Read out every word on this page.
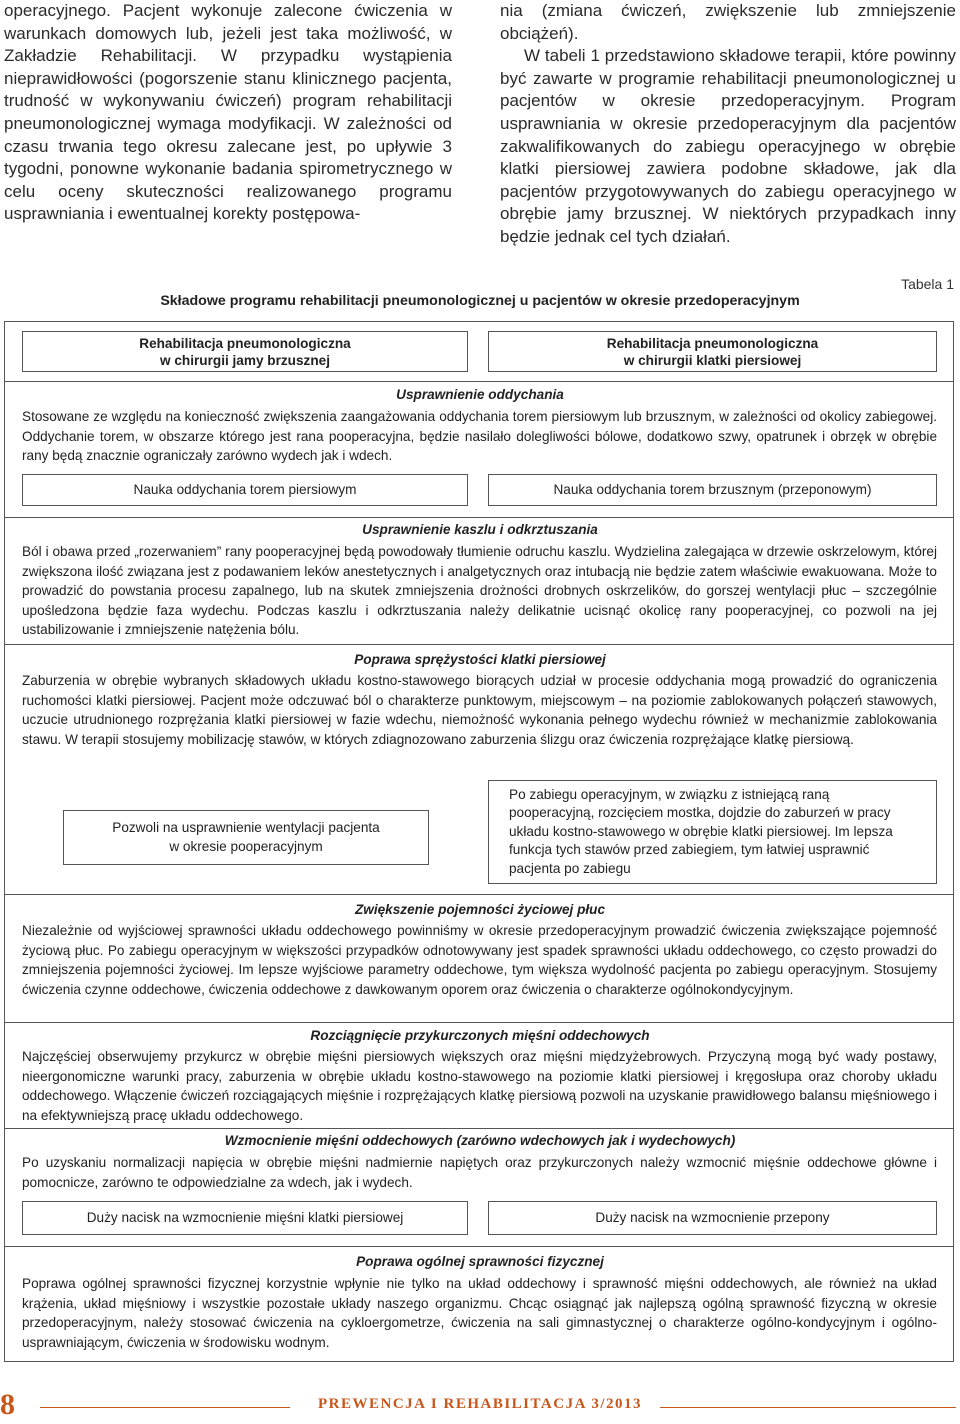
operacyjnego. Pacjent wykonuje zalecone ćwiczenia w warunkach domowych lub, jeżeli jest taka możliwość, w Zakładzie Rehabilitacji. W przypadku wystąpienia nieprawidłowości (pogorszenie stanu klinicznego pacjenta, trudność w wykonywaniu ćwiczeń) program rehabilitacji pneumonologicznej wymaga modyfikacji. W zależności od czasu trwania tego okresu zalecane jest, po upływie 3 tygodni, ponowne wykonanie badania spirometrycznego w celu oceny skuteczności realizowanego programu usprawniania i ewentualnej korekty postępowa-

nia (zmiana ćwiczeń, zwiększenie lub zmniejszenie obciążeń).

W tabeli 1 przedstawiono składowe terapii, które powinny być zawarte w programie rehabilitacji pneumonologicznej u pacjentów w okresie przedoperacyjnym. Program usprawniania w okresie przedoperacyjnym dla pacjentów zakwalifikowanych do zabiegu operacyjnego w obrębie klatki piersiowej zawiera podobne składowe, jak dla pacjentów przygotowywanych do zabiegu operacyjnego w obrębie jamy brzusznej. W niektórych przypadkach inny będzie jednak cel tych działań.

Tabela 1
Składowe programu rehabilitacji pneumonologicznej u pacjentów w okresie przedoperacyjnym
Rehabilitacja pneumonologiczna
w chirurgii jamy brzusznej
Rehabilitacja pneumonologiczna
w chirurgii klatki piersiowej
Usprawnienie oddychania
Stosowane ze względu na konieczność zwiększenia zaangażowania oddychania torem piersiowym lub brzusznym, w zależności od okolicy zabiegowej. Oddychanie torem, w obszarze którego jest rana pooperacyjna, będzie nasilało dolegliwości bólowe, dodatkowo szwy, opatrunek i obrzęk w obrębie rany będą znacznie ograniczały zarówno wydech jak i wdech.
Nauka oddychania torem piersiowym	Nauka oddychania torem brzusznym (przeponowym)
Usprawnienie kaszlu i odkrztuszania
Ból i obawa przed „rozerwaniem” rany pooperacyjnej będą powodowały tłumienie odruchu kaszlu. Wydzielina zalegająca w drzewie oskrzelowym, której zwiększona ilość związana jest z podawaniem leków anestetycznych i analgetycznych oraz intubacją nie będzie zatem właściwie ewakuowana. Może to prowadzić do powstania procesu zapalnego, lub na skutek zmniejszenia drożności drobnych oskrzelików, do gorszej wentylacji płuc – szczególnie upośledzona będzie faza wydechu. Podczas kaszlu i odkrztuszania należy delikatnie ucisnąć okolicę rany pooperacyjnej, co pozwoli na jej ustabilizowanie i zmniejszenie natężenia bólu.
Poprawa sprężystości klatki piersiowej
Zaburzenia w obrębie wybranych składowych układu kostno-stawowego biorących udział w procesie oddychania mogą prowadzić do ograniczenia ruchomości klatki piersiowej. Pacjent może odczuwać ból o charakterze punktowym, miejscowym – na poziomie zablokowanych połączeń stawowych, uczucie utrudnionego rozprężania klatki piersiowej w fazie wdechu, niemożność wykonania pełnego wydechu również w mechanizmie zablokowania stawu. W terapii stosujemy mobilizację stawów, w których zdiagnozowano zaburzenia ślizgu oraz ćwiczenia rozprężające klatkę piersiową.
Pozwoli na usprawnienie wentylacji pacjenta
w okresie pooperacyjnym
Po zabiegu operacyjnym, w związku z istniejącą raną pooperacyjną, rozcięciem mostka, dojdzie do zaburzeń w pracy układu kostno-stawowego w obrębie klatki piersiowej. Im lepsza funkcja tych stawów przed zabiegiem, tym łatwiej usprawnić pacjenta po zabiegu
Zwiększenie pojemności życiowej płuc
Niezależnie od wyjściowej sprawności układu oddechowego powinniśmy w okresie przedoperacyjnym prowadzić ćwiczenia zwiększające pojemność życiową płuc. Po zabiegu operacyjnym w większości przypadków odnotowywany jest spadek sprawności układu oddechowego, co często prowadzi do zmniejszenia pojemności życiowej. Im lepsze wyjściowe parametry oddechowe, tym większa wydolność pacjenta po zabiegu operacyjnym. Stosujemy ćwiczenia czynne oddechowe, ćwiczenia oddechowe z dawkowanym oporem oraz ćwiczenia o charakterze ogólnokondycyjnym.
Rozciągnięcie przykurczonych mięśni oddechowych
Najczęściej obserwujemy przykurcz w obrębie mięśni piersiowych większych oraz mięśni międzyżebrowych. Przyczyną mogą być wady postawy, nieergonomiczne warunki pracy, zaburzenia w obrębie układu kostno-stawowego na poziomie klatki piersiowej i kręgosłupa oraz choroby układu oddechowego. Włączenie ćwiczeń rozciągających mięśnie i rozprężających klatkę piersiową pozwoli na uzyskanie prawidłowego balansu mięśniowego i na efektywniejszą pracę układu oddechowego.
Wzmocnienie mięśni oddechowych (zarówno wdechowych jak i wydechowych)
Po uzyskaniu normalizacji napięcia w obrębie mięśni nadmiernie napiętych oraz przykurczonych należy wzmocnić mięśnie oddechowe główne i pomocnicze, zarówno te odpowiedzialne za wdech, jak i wydech.
Duży nacisk na wzmocnienie mięśni klatki piersiowej	Duży nacisk na wzmocnienie przepony
Poprawa ogólnej sprawności fizycznej
Poprawa ogólnej sprawności fizycznej korzystnie wpłynie nie tylko na układ oddechowy i sprawność mięśni oddechowych, ale również na układ krążenia, układ mięśniowy i wszystkie pozostałe układy naszego organizmu. Chcąc osiągnąć jak najlepszą ogólną sprawność fizyczną w okresie przedoperacyjnym, należy stosować ćwiczenia na cykloergometrze, ćwiczenia na sali gimnastycznej o charakterze ogólno-kondycyjnym i ogólno-usprawniającym, ćwiczenia w środowisku wodnym.
8	PREWENCJA I REHABILITACJA 3/2013
